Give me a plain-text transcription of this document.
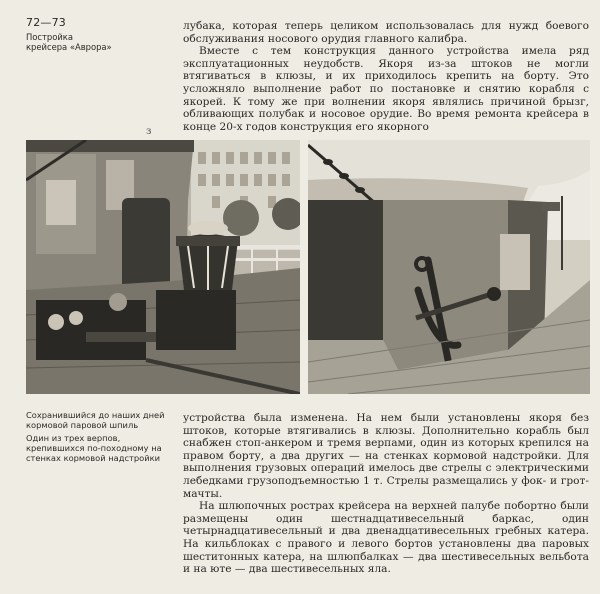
72—73
Постройка
крейсера «Аврора»

лубака, которая теперь целиком использовалась для нужд боевого обслуживания носового орудия главного калибра.

Вместе с тем конструкция данного устройства имела ряд эксплуатационных неудобств. Якоря из-за штоков не могли втягиваться в клюзы, и их приходилось крепить на борту. Это усложняло выполнение работ по постановке и снятию корабля с якорей. К тому же при волнении якоря являлись причиной брызг, обливающих полубак и носовое орудие. Во время ремонта крейсера в конце 20-х годов конструкция его якорного

з
Сохранившийся до наших дней кормовой паровой шпиль
Один из трех верпов, крепившихся по-походному на стенках кормовой надстройки

устройства была изменена. На нем были установлены якоря без штоков, которые втягивались в клюзы. Дополнительно корабль был снабжен стоп-анкером и тремя верпами, один из которых крепился на правом борту, а два других — на стенках кормовой надстройки. Для выполнения грузовых операций имелось две стрелы с электрическими лебедками грузоподъемностью 1 т. Стрелы размещались у фок- и грот-мачты.

На шлюпочных рострах крейсера на верхней палубе побортно были размещены один шестнадцативесельный баркас, один четырнадцативесельный и два двенадцативесельных гребных катера. На кильблоках с правого и левого бортов установлены два паровых шеститонных катера, на шлюпбалках — два шестивесельных вельбота и на юте — два шестивесельных яла.
